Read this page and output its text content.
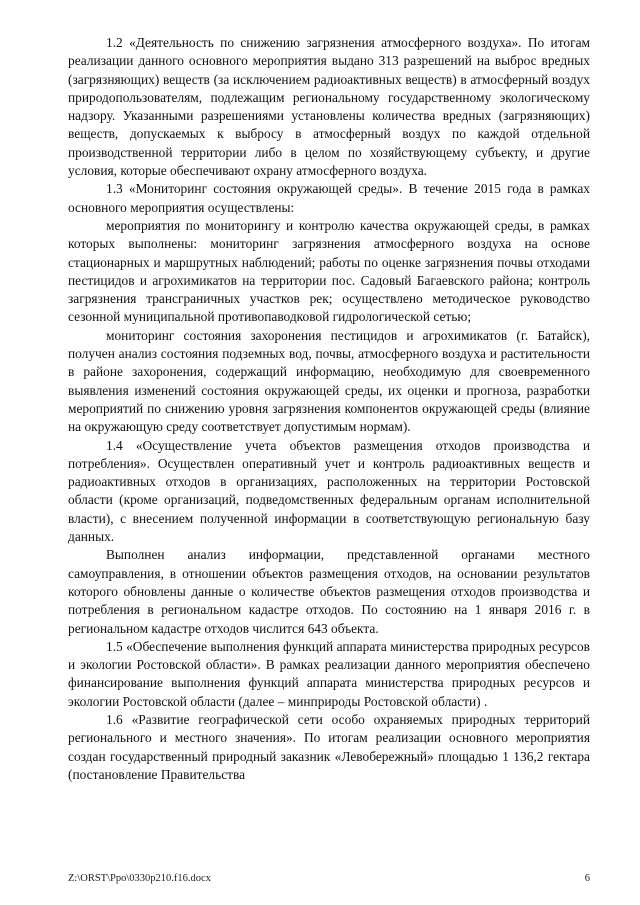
1.2 «Деятельность по снижению загрязнения атмосферного воздуха». По итогам реализации данного основного мероприятия выдано 313 разрешений на выброс вредных (загрязняющих) веществ (за исключением радиоактивных веществ) в атмосферный воздух природопользователям, подлежащим региональному государственному экологическому надзору. Указанными разрешениями установлены количества вредных (загрязняющих) веществ, допускаемых к выбросу в атмосферный воздух по каждой отдельной производственной территории либо в целом по хозяйствующему субъекту, и другие условия, которые обеспечивают охрану атмосферного воздуха.

1.3 «Мониторинг состояния окружающей среды». В течение 2015 года в рамках основного мероприятия осуществлены:

мероприятия по мониторингу и контролю качества окружающей среды, в рамках которых выполнены: мониторинг загрязнения атмосферного воздуха на основе стационарных и маршрутных наблюдений; работы по оценке загрязнения почвы отходами пестицидов и агрохимикатов на территории пос. Садовый Багаевского района; контроль загрязнения трансграничных участков рек; осуществлено методическое руководство сезонной муниципальной противопаводковой гидрологической сетью;

мониторинг состояния захоронения пестицидов и агрохимикатов (г. Батайск), получен анализ состояния подземных вод, почвы, атмосферного воздуха и растительности в районе захоронения, содержащий информацию, необходимую для своевременного выявления изменений состояния окружающей среды, их оценки и прогноза, разработки мероприятий по снижению уровня загрязнения компонентов окружающей среды (влияние на окружающую среду соответствует допустимым нормам).

1.4 «Осуществление учета объектов размещения отходов производства и потребления». Осуществлен оперативный учет и контроль радиоактивных веществ и радиоактивных отходов в организациях, расположенных на территории Ростовской области (кроме организаций, подведомственных федеральным органам исполнительной власти), с внесением полученной информации в соответствующую региональную базу данных.

Выполнен анализ информации, представленной органами местного самоуправления, в отношении объектов размещения отходов, на основании результатов которого обновлены данные о количестве объектов размещения отходов производства и потребления в региональном кадастре отходов. По состоянию на 1 января 2016 г. в региональном кадастре отходов числится 643 объекта.

1.5 «Обеспечение выполнения функций аппарата министерства природных ресурсов и экологии Ростовской области». В рамках реализации данного мероприятия обеспечено финансирование выполнения функций аппарата министерства природных ресурсов и экологии Ростовской области (далее – минприроды Ростовской области) .

1.6 «Развитие географической сети особо охраняемых природных территорий регионального и местного значения». По итогам реализации основного мероприятия создан государственный природный заказник «Левобережный» площадью 1 136,2 гектара (постановление Правительства

Z:\ORST\Ppo\0330p210.f16.docx	6
